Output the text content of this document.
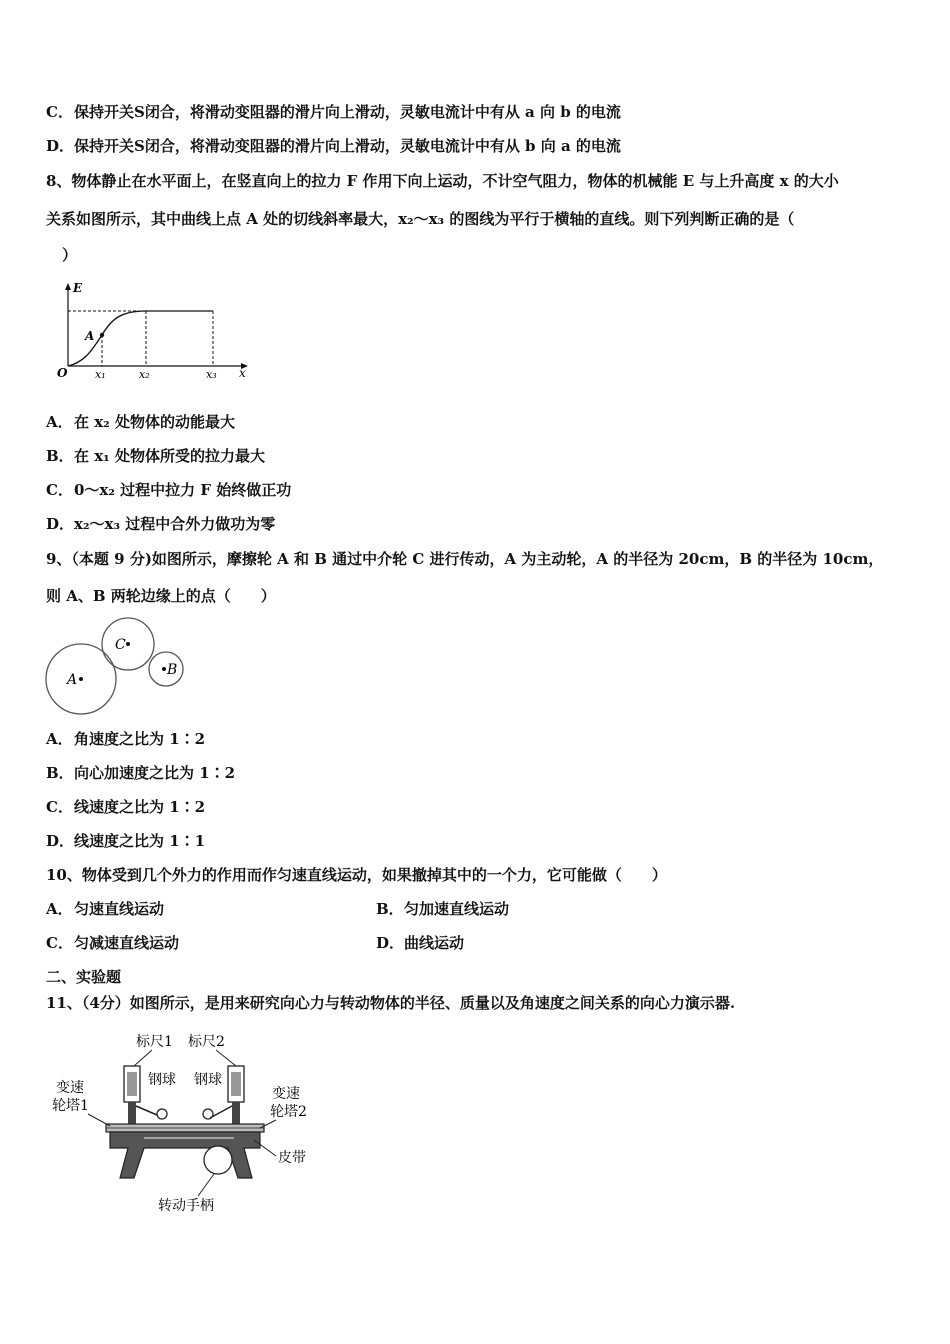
C．保持开关S闭合，将滑动变阻器的滑片向上滑动，灵敏电流计中有从 a 向 b 的电流
D．保持开关S闭合，将滑动变阻器的滑片向上滑动，灵敏电流计中有从 b 向 a 的电流
8、物体静止在水平面上，在竖直向上的拉力 F 作用下向上运动，不计空气阻力，物体的机械能 E 与上升高度 x 的大小
关系如图所示，其中曲线上点 A 处的切线斜率最大，x₂～x₃ 的图线为平行于横轴的直线。则下列判断正确的是（
）
E
x
O
A
x₁	x₂	x₃
A．在 x₂ 处物体的动能最大
B．在 x₁ 处物体所受的拉力最大
C．0～x₂ 过程中拉力 F 始终做正功
D．x₂～x₃ 过程中合外力做功为零
9、（本题 9 分)如图所示，摩擦轮 A 和 B 通过中介轮 C 进行传动，A 为主动轮，A 的半径为 20cm，B 的半径为 10cm，
则 A、B 两轮边缘上的点（　　）
A
C
B
A．角速度之比为 1∶2
B．向心加速度之比为 1∶2
C．线速度之比为 1∶2
D．线速度之比为 1∶1
10、物体受到几个外力的作用而作匀速直线运动，如果撤掉其中的一个力，它可能做（　　）
A．匀速直线运动	B．匀加速直线运动
C．匀减速直线运动	D．曲线运动
二、实验题
11、（4分）如图所示，是用来研究向心力与转动物体的半径、质量以及角速度之间关系的向心力演示器.
标尺1 标尺2
钢球 钢球
变速
轮塔1
变速
轮塔2
皮带
转动手柄
